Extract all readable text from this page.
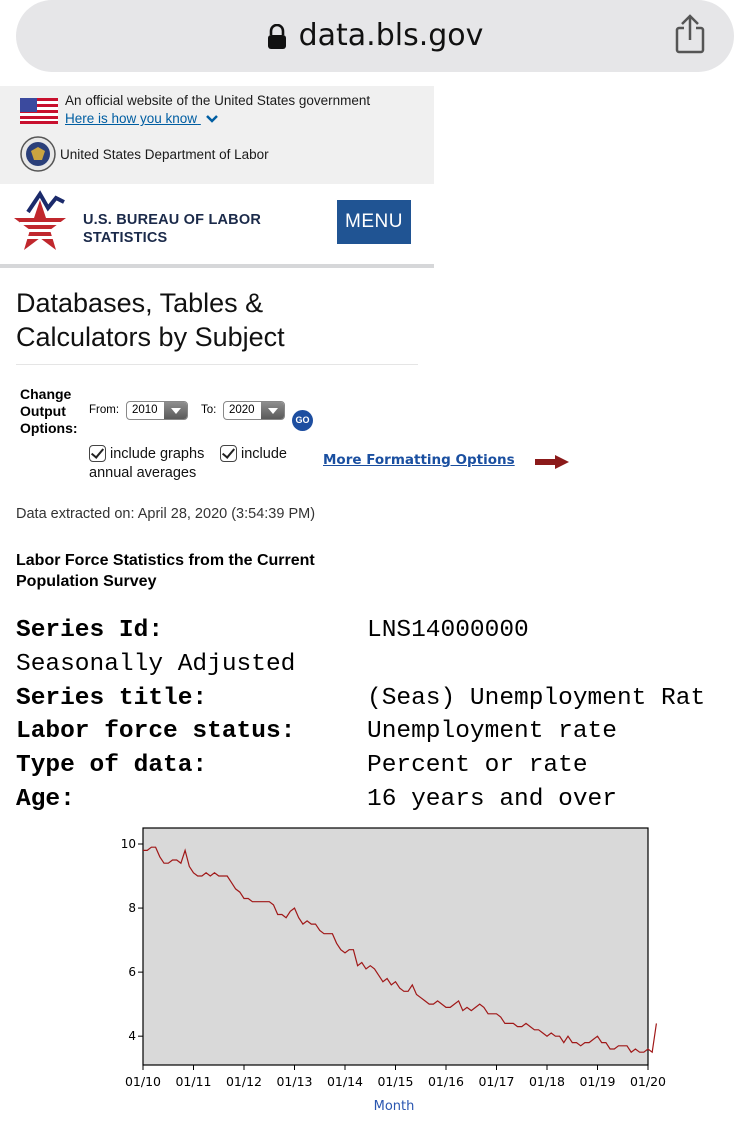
data.bls.gov
An official website of the United States government
Here is how you know
United States Department of Labor
U.S. BUREAU OF LABOR
STATISTICS
MENU
Databases, Tables &
Calculators by Subject
Change
Output
Options:
From: 2010	To: 2020
GO
include graphs	include
annual averages
More Formatting Options
Data extracted on: April 28, 2020 (3:54:39 PM)
Labor Force Statistics from the Current Population Survey
Series Id:	LNS14000000
Seasonally Adjusted
Series title:	(Seas) Unemployment Rat
Labor force status:	Unemployment rate
Type of data:	Percent or rate
Age:	16 years and over
4
6
8
10
01/10 01/11 01/12 01/13 01/14 01/15 01/16 01/17 01/18 01/19 01/20
Month
